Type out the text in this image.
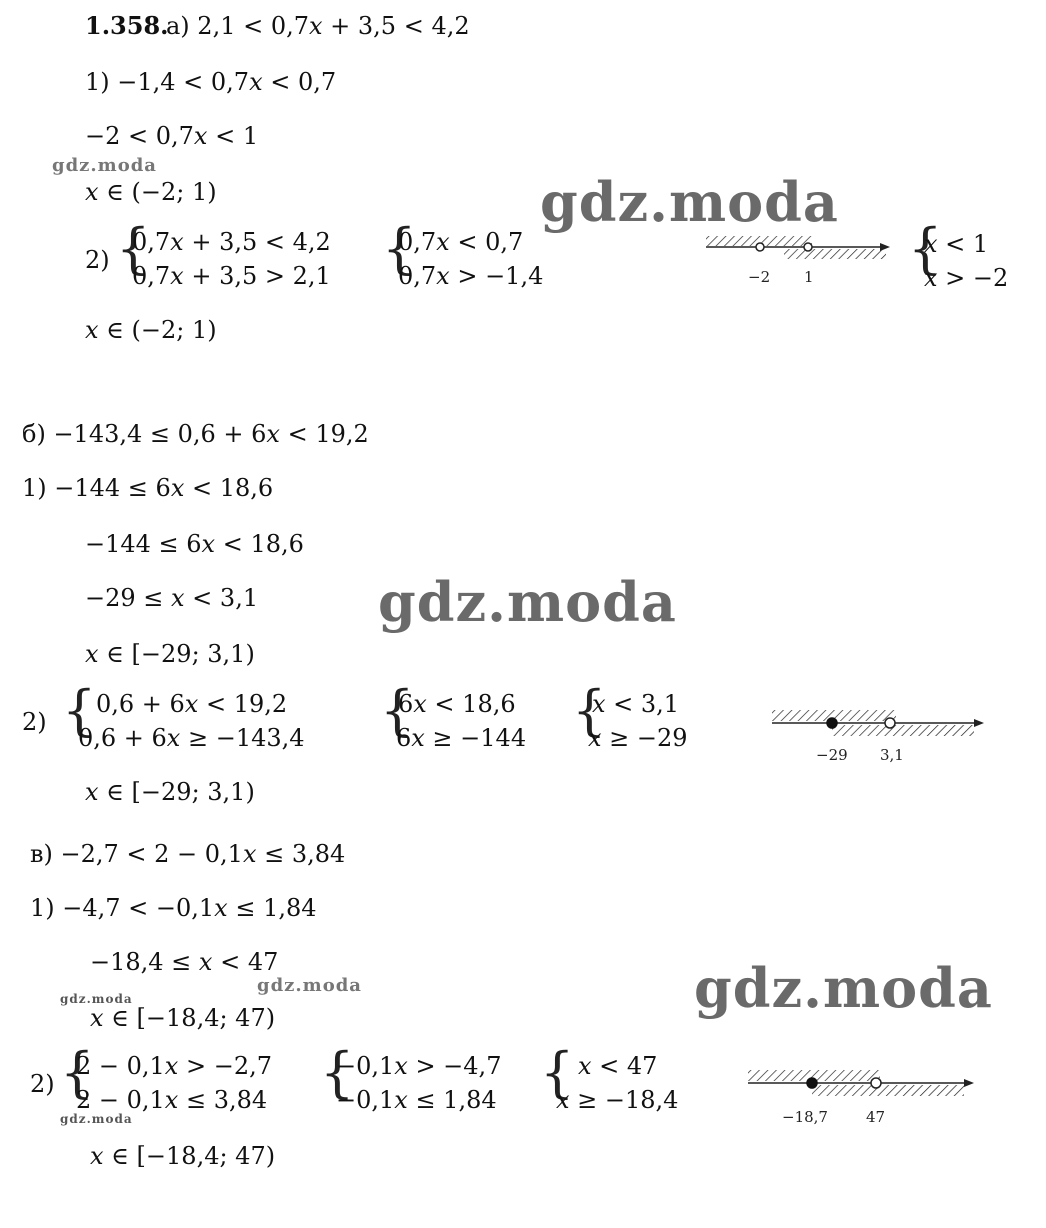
gdz.moda
gdz.moda
gdz.moda
gdz.moda
gdz.moda
gdz.moda
gdz.moda
1.358.
а) 2,1 < 0,7𝑥 + 3,5 < 4,2
1) −1,4 < 0,7𝑥 < 0,7
−2 < 0,7𝑥 < 1
𝑥 ∈ (−2; 1)
2) {
0,7𝑥 + 3,5 < 4,2
0,7𝑥 + 3,5 > 2,1 {
0,7𝑥 < 0,7
0,7𝑥 > −1,4	−2 1 {
𝑥 < 1
𝑥 > −2
𝑥 ∈ (−2; 1)
б) −143,4 ≤ 0,6 + 6𝑥 < 19,2
1) −144 ≤ 6𝑥 < 18,6
−144 ≤ 6𝑥 < 18,6
−29 ≤ 𝑥 < 3,1
𝑥 ∈ [−29; 3,1)
2) { 0,6 + 6𝑥 < 19,2
0,6 + 6𝑥 ≥ −143,4 {
6𝑥 < 18,6
6𝑥 ≥ −144 {
𝑥 < 3,1
𝑥 ≥ −29
−29 3,1
𝑥 ∈ [−29; 3,1)
в) −2,7 < 2 − 0,1𝑥 ≤ 3,84
1) −4,7 < −0,1𝑥 ≤ 1,84
−18,4 ≤ 𝑥 < 47
𝑥 ∈ [−18,4; 47)
2) {
2 − 0,1𝑥 > −2,7
2 − 0,1𝑥 ≤ 3,84 {
−0,1𝑥 > −4,7
−0,1𝑥 ≤ 1,84 { 𝑥 < 47
𝑥 ≥ −18,4
−18,7	47
𝑥 ∈ [−18,4; 47)
